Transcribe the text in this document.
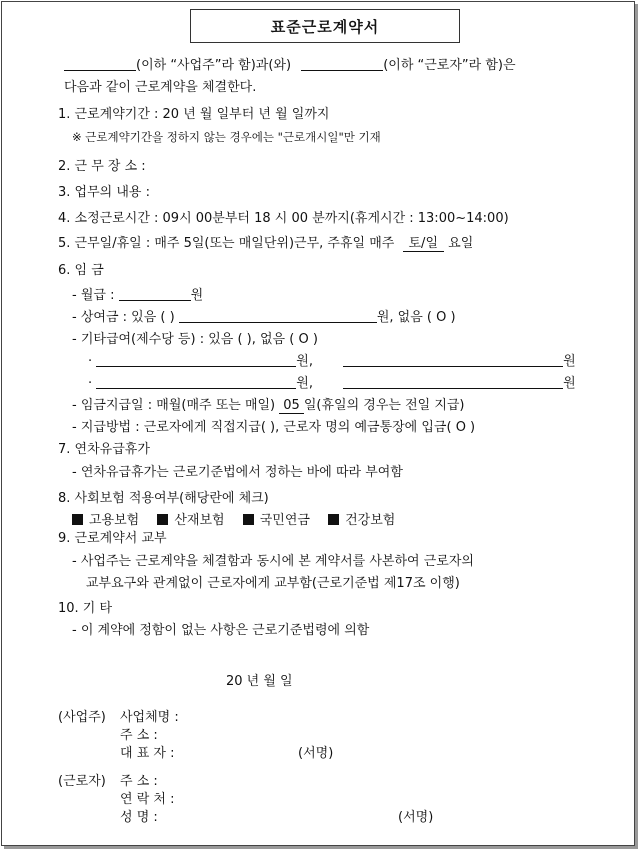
표준근로계약서
(이하 “사업주”라 함)과(와)	(이하 “근로자”라 함)은
다음과 같이 근로계약을 체결한다.
1. 근로계약기간 : 20 년 월 일부터 년 월 일까지
※ 근로계약기간을 정하지 않는 경우에는 "근로개시일"만 기재
2. 근 무 장 소 :
3. 업무의 내용 :
4. 소정근로시간 : 09시 00분부터 18 시 00 분까지(휴게시간 : 13:00~14:00)
5. 근무일/휴일 : 매주 5일(또는 매일단위)근무, 주휴일 매주 토/일 요일
6. 임 금
- 월급 :	원
- 상여금 : 있음 ( )	원, 없음 ( O )
- 기타급여(제수당 등) : 있음 ( ), 없음 ( O )
·	원,	원
·	원,	원
- 임금지급일 : 매월(매주 또는 매일) 05 일(휴일의 경우는 전일 지급)
- 지급방법 : 근로자에게 직접지급( ), 근로자 명의 예금통장에 입금( O )
7. 연차유급휴가
- 연차유급휴가는 근로기준법에서 정하는 바에 따라 부여함
8. 사회보험 적용여부(해당란에 체크)
고용보험	산재보험	국민연금	건강보험
9. 근로계약서 교부
- 사업주는 근로계약을 체결함과 동시에 본 계약서를 사본하여 근로자의
교부요구와 관계없이 근로자에게 교부함(근로기준법 제17조 이행)
10. 기 타
- 이 계약에 정함이 없는 사항은 근로기준법령에 의함
20 년 월 일
(사업주) 사업체명 :
주 소 :
대 표 자 :	(서명)
(근로자) 주 소 :
연 락 처 :
성 명 :	(서명)
